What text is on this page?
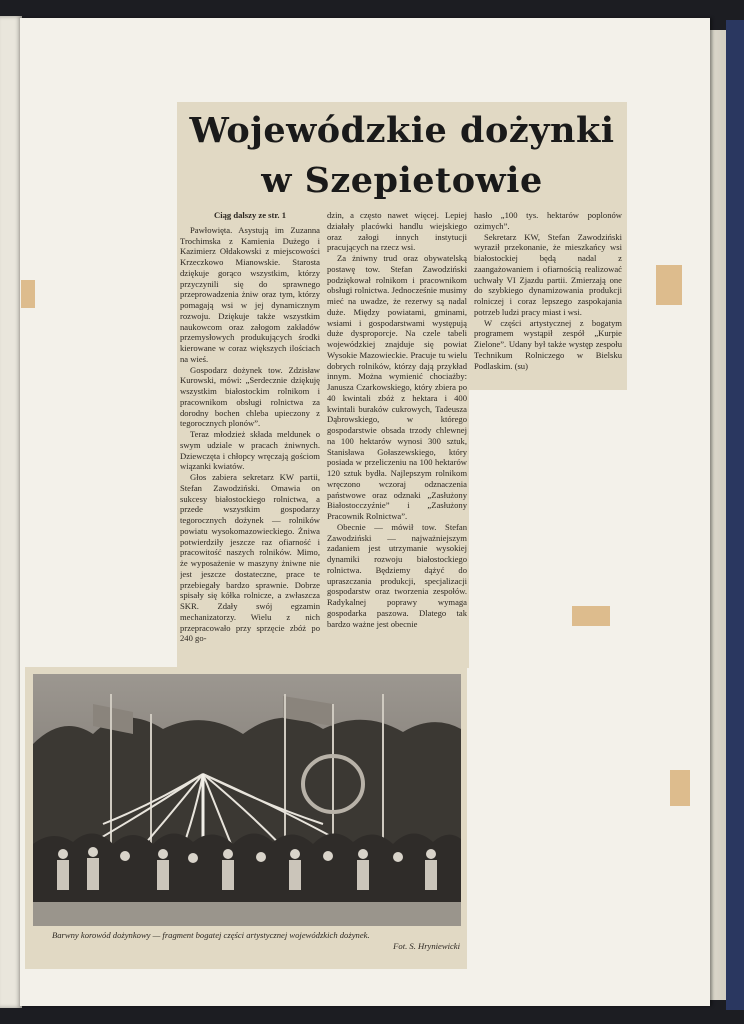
Wojewódzkie dożynki
w Szepietowie

Ciąg dalszy ze str. 1

Pawłowięta. Asystują im Zuzanna Trochimska z Kamienia Dużego i Kazimierz Ołdakowski z miejscowości Krzeczkowo Mianowskie. Starosta dziękuje gorąco wszystkim, którzy przyczynili się do sprawnego przeprowadzenia żniw oraz tym, którzy pomagają wsi w jej dynamicznym rozwoju. Dziękuje także wszystkim naukowcom oraz załogom zakładów przemysłowych produkujących środki kierowane w coraz większych ilościach na wieś.

Gospodarz dożynek tow. Zdzisław Kurowski, mówi: „Serdecznie dziękuję wszystkim białostockim rolnikom i pracownikom obsługi rolnictwa za dorodny bochen chleba upieczony z tegorocznych plonów”.

Teraz młodzież składa meldunek o swym udziale w pracach żniwnych. Dziewczęta i chłopcy wręczają gościom wiązanki kwiatów.

Głos zabiera sekretarz KW partii, Stefan Zawodziński. Omawia on sukcesy białostockiego rolnictwa, a przede wszystkim gospodarzy tegorocznych dożynek — rolników powiatu wysokomazowieckiego. Żniwa potwierdziły jeszcze raz ofiarność i pracowitość naszych rolników. Mimo, że wyposażenie w maszyny żniwne nie jest jeszcze dostateczne, prace te przebiegały bardzo sprawnie. Dobrze spisały się kółka rolnicze, a zwłaszcza SKR. Zdały swój egzamin mechanizatorzy. Wielu z nich przepracowało przy sprzęcie zbóż po 240 go-

dzin, a często nawet więcej. Lepiej działały placówki handlu wiejskiego oraz załogi innych instytucji pracujących na rzecz wsi.

Za żniwny trud oraz obywatelską postawę tow. Stefan Zawodziński podziękował rolnikom i pracownikom obsługi rolnictwa. Jednocześnie musimy mieć na uwadze, że rezerwy są nadal duże. Między powiatami, gminami, wsiami i gospodarstwami występują duże dysproporcje. Na czele tabeli wojewódzkiej znajduje się powiat Wysokie Mazowieckie. Pracuje tu wielu dobrych rolników, którzy dają przykład innym. Można wymienić chociażby: Janusza Czarkowskiego, który zbiera po 40 kwintali zbóż z hektara i 400 kwintali buraków cukrowych, Tadeusza Dąbrowskiego, w którego gospodarstwie obsada trzody chlewnej na 100 hektarów wynosi 300 sztuk, Stanisława Gołaszewskiego, który posiada w przeliczeniu na 100 hektarów 120 sztuk bydła. Najlepszym rolnikom wręczono wczoraj odznaczenia państwowe oraz odznaki „Zasłużony Białostocczyźnie” i „Zasłużony Pracownik Rolnictwa”.

Obecnie — mówił tow. Stefan Zawodziński — najważniejszym zadaniem jest utrzymanie wysokiej dynamiki rozwoju białostockiego rolnictwa. Będziemy dążyć do upraszczania produkcji, specjalizacji gospodarstw oraz tworzenia zespołów. Radykalnej poprawy wymaga gospodarka paszowa. Dlatego tak bardzo ważne jest obecnie

hasło „100 tys. hektarów poplonów ozimych”.

Sekretarz KW, Stefan Zawodziński wyraził przekonanie, że mieszkańcy wsi białostockiej będą nadal z zaangażowaniem i ofiarnością realizować uchwały VI Zjazdu partii. Zmierzają one do szybkiego dynamizowania produkcji rolniczej i coraz lepszego zaspokajania potrzeb ludzi pracy miast i wsi.

W części artystycznej z bogatym programem wystąpił zespół „Kurpie Zielone”. Udany był także występ zespołu Technikum Rolniczego w Bielsku Podlaskim. (su)

Barwny korowód dożynkowy — fragment bogatej części artystycznej wojewódzkich dożynek.
Fot. S. Hryniewicki
